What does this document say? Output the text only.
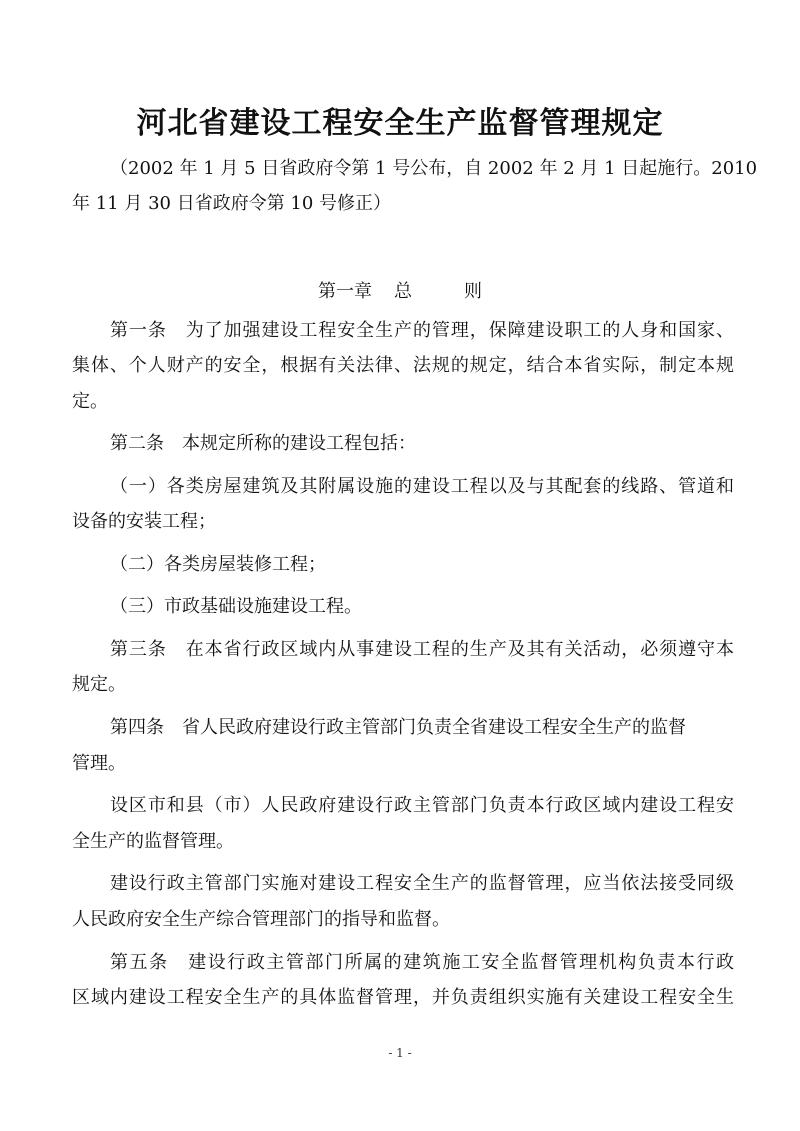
河北省建设工程安全生产监督管理规定
（2002 年 1 月 5 日省政府令第 1 号公布，自 2002 年 2 月 1 日起施行。2010
年 11 月 30 日省政府令第 10 号修正）
第一章 总	则
第一条　为了加强建设工程安全生产的管理，保障建设职工的人身和国家、
集体、个人财产的安全，根据有关法律、法规的规定，结合本省实际，制定本规
定。
第二条　本规定所称的建设工程包括：
（一）各类房屋建筑及其附属设施的建设工程以及与其配套的线路、管道和
设备的安装工程；
（二）各类房屋装修工程；
（三）市政基础设施建设工程。
第三条　在本省行政区域内从事建设工程的生产及其有关活动，必须遵守本
规定。
第四条　省人民政府建设行政主管部门负责全省建设工程安全生产的监督
管理。
设区市和县（市）人民政府建设行政主管部门负责本行政区域内建设工程安
全生产的监督管理。
建设行政主管部门实施对建设工程安全生产的监督管理，应当依法接受同级
人民政府安全生产综合管理部门的指导和监督。
第五条　建设行政主管部门所属的建筑施工安全监督管理机构负责本行政
区域内建设工程安全生产的具体监督管理，并负责组织实施有关建设工程安全生
- 1 -
